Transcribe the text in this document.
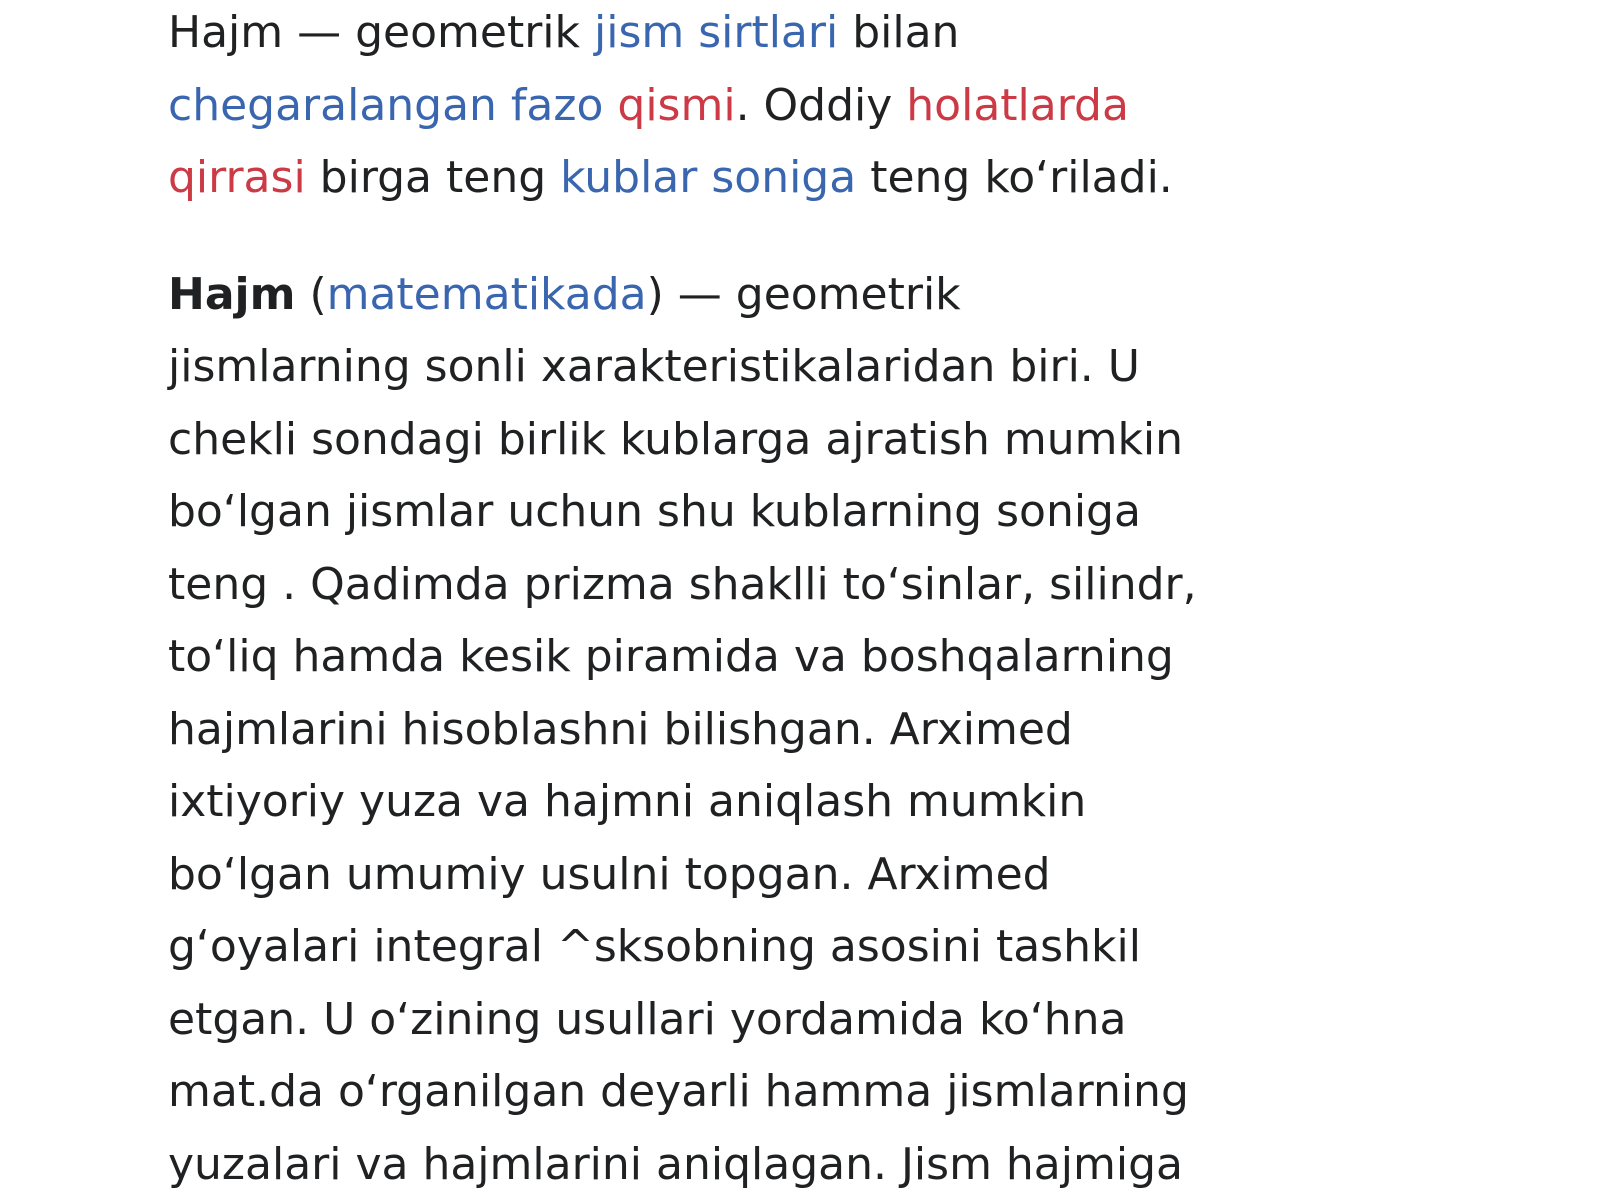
Hajm — geometrik jism sirtlari bilan
chegaralangan fazo qismi. Oddiy holatlarda
qirrasi birga teng kublar soniga teng ko‘riladi.

Hajm (matematikada) — geometrik
jismlarning sonli xarakteristikalaridan biri. U
chekli sondagi birlik kublarga ajratish mumkin
bo‘lgan jismlar uchun shu kublarning soniga
teng . Qadimda prizma shaklli to‘sinlar, silindr,
to‘liq hamda kesik piramida va boshqalarning
hajmlarini hisoblashni bilishgan. Arximed
ixtiyoriy yuza va hajmni aniqlash mumkin
bo‘lgan umumiy usulni topgan. Arximed
g‘oyalari integral ^sksobning asosini tashkil
etgan. U o‘zining usullari yordamida ko‘hna
mat.da o‘rganilgan deyarli hamma jismlarning
yuzalari va hajmlarini aniqlagan. Jism hajmiga
